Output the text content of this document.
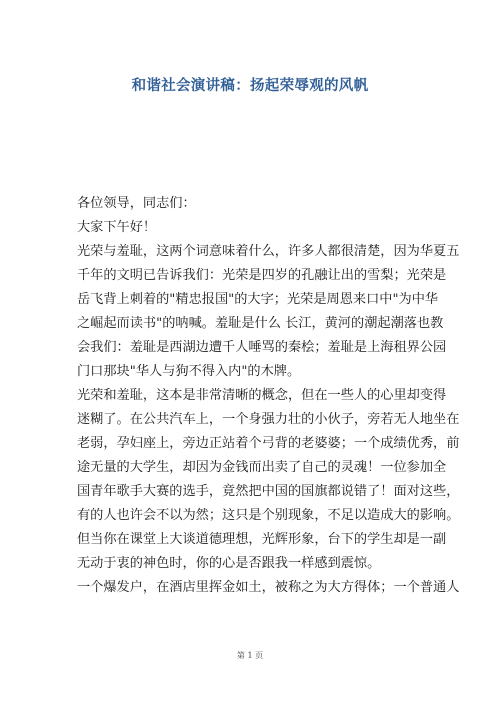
和谐社会演讲稿：扬起荣辱观的风帆
各位领导，同志们：
大家下午好！
光荣与羞耻，这两个词意味着什么，许多人都很清楚，因为华夏五
千年的文明已告诉我们：光荣是四岁的孔融让出的雪梨；光荣是
岳飞背上刺着的"精忠报国"的大字；光荣是周恩来口中"为中华
之崛起而读书"的呐喊。羞耻是什么 长江，黄河的潮起潮落也教
会我们：羞耻是西湖边遭千人唾骂的秦桧；羞耻是上海租界公园
门口那块"华人与狗不得入内"的木牌。
光荣和羞耻，这本是非常清晰的概念，但在一些人的心里却变得
迷糊了。在公共汽车上，一个身强力壮的小伙子，旁若无人地坐在
老弱，孕妇座上，旁边正站着个弓背的老婆婆；一个成绩优秀，前
途无量的大学生，却因为金钱而出卖了自己的灵魂！一位参加全
国青年歌手大赛的选手，竟然把中国的国旗都说错了！面对这些，
有的人也许会不以为然；这只是个别现象，不足以造成大的影响。
但当你在课堂上大谈道德理想，光辉形象，台下的学生却是一副
无动于衷的神色时，你的心是否跟我一样感到震惊。
一个爆发户，在酒店里挥金如土，被称之为大方得体；一个普通人
第 1 页
